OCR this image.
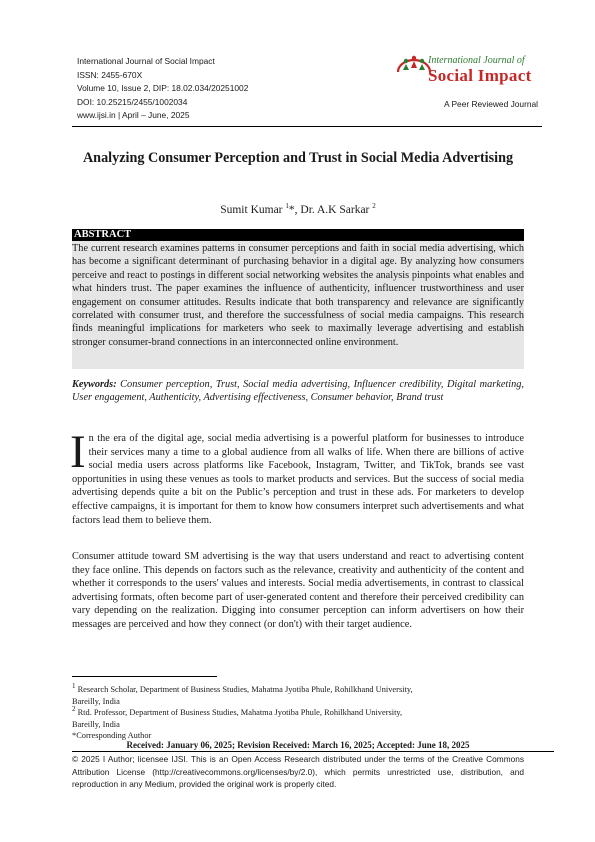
International Journal of Social Impact
ISSN: 2455-670X
Volume 10, Issue 2, DIP: 18.02.034/20251002
DOI: 10.25215/2455/1002034
www.ijsi.in | April – June, 2025
International Journal of
Social Impact
A Peer Reviewed Journal
Analyzing Consumer Perception and Trust in Social Media Advertising
Sumit Kumar $^1$*, Dr. A.K Sarkar $^2$
ABSTRACT
The current research examines patterns in consumer perceptions and faith in social media advertising, which has become a significant determinant of purchasing behavior in a digital age. By analyzing how consumers perceive and react to postings in different social networking websites the analysis pinpoints what enables and what hinders trust. The paper examines the influence of authenticity, influencer trustworthiness and user engagement on consumer attitudes. Results indicate that both transparency and relevance are significantly correlated with consumer trust, and therefore the successfulness of social media campaigns. This research finds meaningful implications for marketers who seek to maximally leverage advertising and establish stronger consumer-brand connections in an interconnected online environment.
Keywords: Consumer perception, Trust, Social media advertising, Influencer credibility, Digital marketing, User engagement, Authenticity, Advertising effectiveness, Consumer behavior, Brand trust
In the era of the digital age, social media advertising is a powerful platform for businesses to introduce their services many a time to a global audience from all walks of life. When there are billions of active social media users across platforms like Facebook, Instagram, Twitter, and TikTok, brands see vast opportunities in using these venues as tools to market products and services. But the success of social media advertising depends quite a bit on the Public’s perception and trust in these ads. For marketers to develop effective campaigns, it is important for them to know how consumers interpret such advertisements and what factors lead them to believe them.
Consumer attitude toward SM advertising is the way that users understand and react to advertising content they face online. This depends on factors such as the relevance, creativity and authenticity of the content and whether it corresponds to the users' values and interests. Social media advertisements, in contrast to classical advertising formats, often become part of user-generated content and therefore their perceived credibility can vary depending on the realization. Digging into consumer perception can inform advertisers on how their messages are perceived and how they connect (or don't) with their target audience.
$^1$ Research Scholar, Department of Business Studies, Mahatma Jyotiba Phule, Rohilkhand University,
Bareilly, India
$^2$ Rtd. Professor, Department of Business Studies, Mahatma Jyotiba Phule, Rohilkhand University,
Bareilly, India
*Corresponding Author
Received: January 06, 2025; Revision Received: March 16, 2025; Accepted: June 18, 2025
© 2025 I Author; licensee IJSI. This is an Open Access Research distributed under the terms of the Creative Commons Attribution License (http://creativecommons.org/licenses/by/2.0), which permits unrestricted use, distribution, and reproduction in any Medium, provided the original work is properly cited.
